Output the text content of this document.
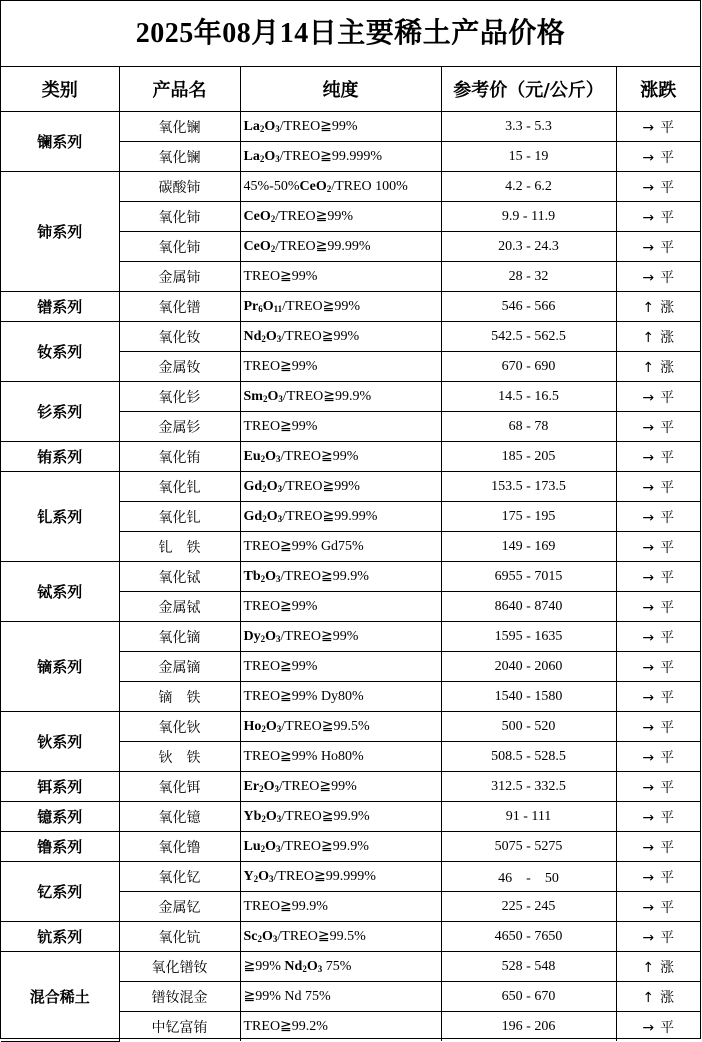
2025年08月14日主要稀土产品价格
类别	产品名	纯度	参考价（元/公斤）	涨跌
镧系列	氧化镧	$La_2O_3/TREO≧99\%$	3.3 - 5.3	→ 平
	氧化镧	$La_2O_3/TREO≧99.999\%$	15 - 19	→ 平
铈系列	碳酸铈	45%-50%CeO$_2$/TREO 100%	4.2 - 6.2	→ 平
	氧化铈	CeO$_2$/TREO≧99%	9.9 - 11.9	→ 平
	氧化铈	CeO$_2$/TREO≧99.99%	20.3 - 24.3	→ 平
	金属铈	TREO≧99%	28 - 32	→ 平
镨系列	氧化镨	$Pr_6O_{11}/TREO≧99\%$	546 - 566	↑ 涨
钕系列	氧化钕	$Nd_2O_3/TREO≧99\%$	542.5 - 562.5	↑ 涨
	金属钕	TREO≧99%	670 - 690	↑ 涨
钐系列	氧化钐	$Sm_2O_3/TREO≧99.9\%$	14.5 - 16.5	→ 平
	金属钐	TREO≧99%	68 - 78	→ 平
铕系列	氧化铕	$Eu_2O_3/TREO≧99\%$	185 - 205	→ 平
钆系列	氧化钆	$Gd_2O_3/TREO≧99\%$	153.5 - 173.5	→ 平
	氧化钆	$Gd_2O_3/TREO≧99.99\%$	175 - 195	→ 平
	钆　铁	TREO≧99% Gd75%	149 - 169	→ 平
铽系列	氧化铽	$Tb_2O_3/TREO≧99.9\%$	6955 - 7015	→ 平
	金属铽	TREO≧99%	8640 - 8740	→ 平
镝系列	氧化镝	$Dy_2O_3/TREO≧99\%$	1595 - 1635	→ 平
	金属镝	TREO≧99%	2040 - 2060	→ 平
	镝　铁	TREO≧99% Dy80%	1540 - 1580	→ 平
钬系列	氧化钬	$Ho_2O_3/TREO≧99.5\%$	500 - 520	→ 平
	钬　铁	TREO≧99% Ho80%	508.5 - 528.5	→ 平
铒系列	氧化铒	$Er_2O_3/TREO≧99\%$	312.5 - 332.5	→ 平
镱系列	氧化镱	$Yb_2O_3/TREO≧99.9\%$	91 - 111	→ 平
镥系列	氧化镥	$Lu_2O_3/TREO≧99.9\%$	5075 - 5275	→ 平
钇系列	氧化钇	$Y_2O_3/TREO≧99.999\%$	46　-　50	→ 平
	金属钇	TREO≧99.9%	225 - 245	→ 平
钪系列	氧化钪	$Sc_2O_3/TREO≧99.5\%$	4650 - 7650	→ 平
混合稀土	氧化镨钕	≧99% $Nd_2O_3$ 75%	528 - 548	↑ 涨
	镨钕混金	≧99% Nd 75%	650 - 670	↑ 涨
	中钇富铕	TREO≧99.2%	196 - 206	→ 平
